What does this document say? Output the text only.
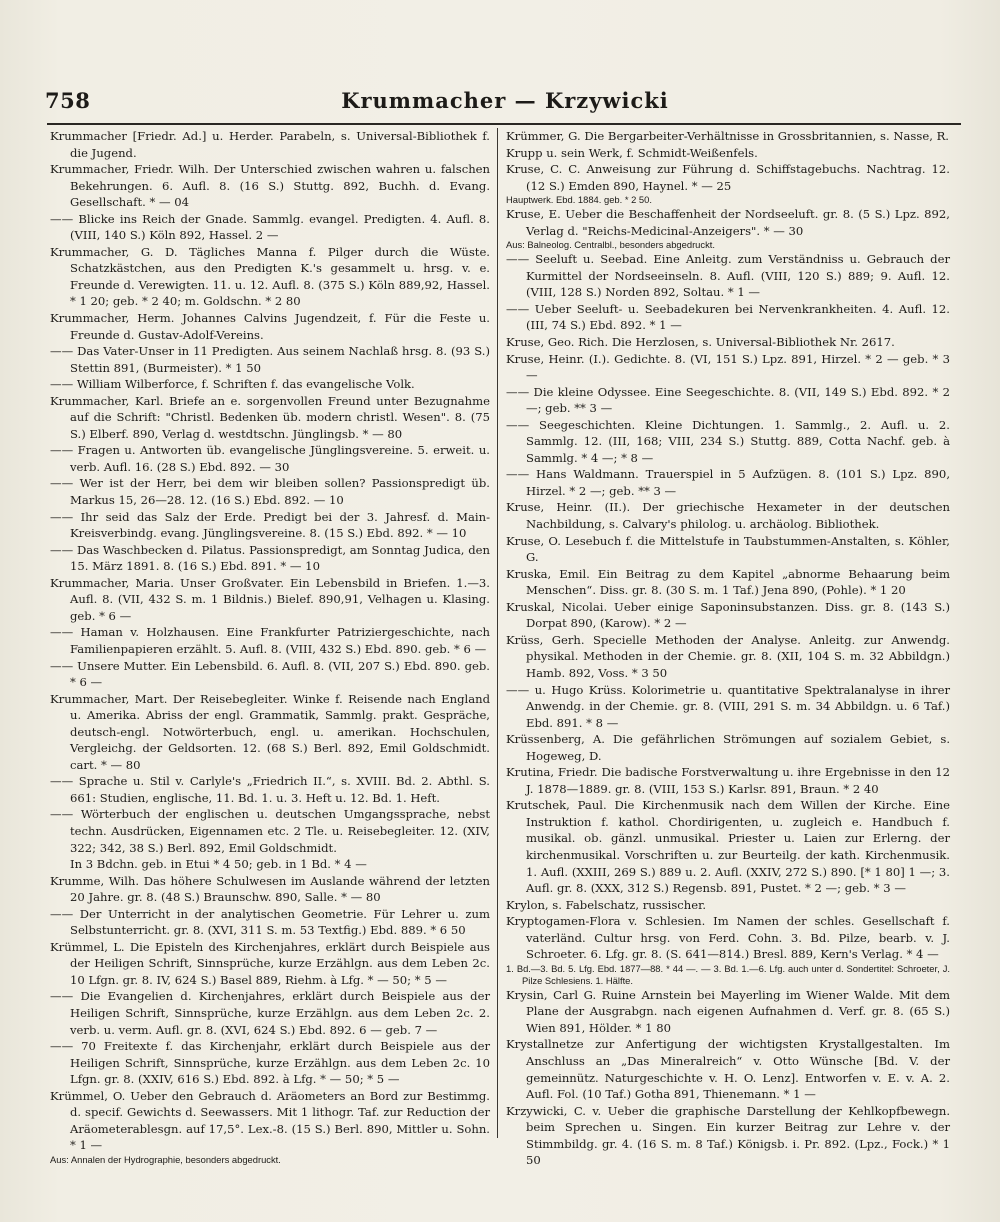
758	Krummacher — Krzywicki

Krummacher [Friedr. Ad.] u. Herder. Parabeln, s. Universal-Bibliothek f. die Jugend.

Krummacher, Friedr. Wilh. Der Unterschied zwischen wahren u. falschen Bekehrungen. 6. Aufl. 8. (16 S.) Stuttg. 892, Buchh. d. Evang. Gesellschaft. * — 04

—— Blicke ins Reich der Gnade. Sammlg. evangel. Predigten. 4. Aufl. 8. (VIII, 140 S.) Köln 892, Hassel. 2 —

Krummacher, G. D. Tägliches Manna f. Pilger durch die Wüste. Schatzkästchen, aus den Predigten K.'s gesammelt u. hrsg. v. e. Freunde d. Verewigten. 11. u. 12. Aufl. 8. (375 S.) Köln 889,92, Hassel. * 1 20; geb. * 2 40; m. Goldschn. * 2 80

Krummacher, Herm. Johannes Calvins Jugendzeit, f. Für die Feste u. Freunde d. Gustav-Adolf-Vereins.

—— Das Vater-Unser in 11 Predigten. Aus seinem Nachlaß hrsg. 8. (93 S.) Stettin 891, (Burmeister). * 1 50

—— William Wilberforce, f. Schriften f. das evangelische Volk.

Krummacher, Karl. Briefe an e. sorgenvollen Freund unter Bezugnahme auf die Schrift: "Christl. Bedenken üb. modern christl. Wesen". 8. (75 S.) Elberf. 890, Verlag d. westdtschn. Jünglingsb. * — 80

—— Fragen u. Antworten üb. evangelische Jünglingsvereine. 5. erweit. u. verb. Aufl. 16. (28 S.) Ebd. 892. — 30

—— Wer ist der Herr, bei dem wir bleiben sollen? Passionspredigt üb. Markus 15, 26—28. 12. (16 S.) Ebd. 892. — 10

—— Ihr seid das Salz der Erde. Predigt bei der 3. Jahresf. d. Main-Kreisverbindg. evang. Jünglingsvereine. 8. (15 S.) Ebd. 892. * — 10

—— Das Waschbecken d. Pilatus. Passionspredigt, am Sonntag Judica, den 15. März 1891. 8. (16 S.) Ebd. 891. * — 10

Krummacher, Maria. Unser Großvater. Ein Lebensbild in Briefen. 1.—3. Aufl. 8. (VII, 432 S. m. 1 Bildnis.) Bielef. 890,91, Velhagen u. Klasing. geb. * 6 —

—— Haman v. Holzhausen. Eine Frankfurter Patriziergeschichte, nach Familienpapieren erzählt. 5. Aufl. 8. (VIII, 432 S.) Ebd. 890. geb. * 6 —

—— Unsere Mutter. Ein Lebensbild. 6. Aufl. 8. (VII, 207 S.) Ebd. 890. geb. * 6 —

Krummacher, Mart. Der Reisebegleiter. Winke f. Reisende nach England u. Amerika. Abriss der engl. Grammatik, Sammlg. prakt. Gespräche, deutsch-engl. Notwörterbuch, engl. u. amerikan. Hochschulen, Vergleichg. der Geldsorten. 12. (68 S.) Berl. 892, Emil Goldschmidt. cart. * — 80

—— Sprache u. Stil v. Carlyle's „Friedrich II.“, s. XVIII. Bd. 2. Abthl. S. 661: Studien, englische, 11. Bd. 1. u. 3. Heft u. 12. Bd. 1. Heft.

—— Wörterbuch der englischen u. deutschen Umgangssprache, nebst techn. Ausdrücken, Eigennamen etc. 2 Tle. u. Reisebegleiter. 12. (XIV, 322; 342, 38 S.) Berl. 892, Emil Goldschmidt.

In 3 Bdchn. geb. in Etui * 4 50; geb. in 1 Bd. * 4 —

Krumme, Wilh. Das höhere Schulwesen im Auslande während der letzten 20 Jahre. gr. 8. (48 S.) Braunschw. 890, Salle. * — 80

—— Der Unterricht in der analytischen Geometrie. Für Lehrer u. zum Selbstunterricht. gr. 8. (XVI, 311 S. m. 53 Textfig.) Ebd. 889. * 6 50

Krümmel, L. Die Episteln des Kirchenjahres, erklärt durch Beispiele aus der Heiligen Schrift, Sinnsprüche, kurze Erzählgn. aus dem Leben 2c. 10 Lfgn. gr. 8. IV, 624 S.) Basel 889, Riehm. à Lfg. * — 50; * 5 —

—— Die Evangelien d. Kirchenjahres, erklärt durch Beispiele aus der Heiligen Schrift, Sinnsprüche, kurze Erzählgn. aus dem Leben 2c. 2. verb. u. verm. Aufl. gr. 8. (XVI, 624 S.) Ebd. 892. 6 — geb. 7 —

—— 70 Freitexte f. das Kirchenjahr, erklärt durch Beispiele aus der Heiligen Schrift, Sinnsprüche, kurze Erzählgn. aus dem Leben 2c. 10 Lfgn. gr. 8. (XXIV, 616 S.) Ebd. 892. à Lfg. * — 50; * 5 —

Krümmel, O. Ueber den Gebrauch d. Aräometers an Bord zur Bestimmg. d. specif. Gewichts d. Seewassers. Mit 1 lithogr. Taf. zur Reduction der Aräometerablesgn. auf 17,5°. Lex.-8. (15 S.) Berl. 890, Mittler u. Sohn. * 1 —

Aus: Annalen der Hydrographie, besonders abgedruckt.

Krümmer, G. Die Bergarbeiter-Verhältnisse in Grossbritannien, s. Nasse, R.

Krupp u. sein Werk, f. Schmidt-Weißenfels.

Kruse, C. C. Anweisung zur Führung d. Schiffstagebuchs. Nachtrag. 12. (12 S.) Emden 890, Haynel. * — 25

Hauptwerk. Ebd. 1884. geb. * 2 50.

Kruse, E. Ueber die Beschaffenheit der Nordseeluft. gr. 8. (5 S.) Lpz. 892, Verlag d. "Reichs-Medicinal-Anzeigers". * — 30

Aus: Balneolog. Centralbl., besonders abgedruckt.

—— Seeluft u. Seebad. Eine Anleitg. zum Verständniss u. Gebrauch der Kurmittel der Nordseeinseln. 8. Aufl. (VIII, 120 S.) 889; 9. Aufl. 12. (VIII, 128 S.) Norden 892, Soltau. * 1 —

—— Ueber Seeluft- u. Seebadekuren bei Nervenkrankheiten. 4. Aufl. 12. (III, 74 S.) Ebd. 892. * 1 —

Kruse, Geo. Rich. Die Herzlosen, s. Universal-Bibliothek Nr. 2617.

Kruse, Heinr. (I.). Gedichte. 8. (VI, 151 S.) Lpz. 891, Hirzel. * 2 — geb. * 3 —

—— Die kleine Odyssee. Eine Seegeschichte. 8. (VII, 149 S.) Ebd. 892. * 2 —; geb. ** 3 —

—— Seegeschichten. Kleine Dichtungen. 1. Sammlg., 2. Aufl. u. 2. Sammlg. 12. (III, 168; VIII, 234 S.) Stuttg. 889, Cotta Nachf. geb. à Sammlg. * 4 —; * 8 —

—— Hans Waldmann. Trauerspiel in 5 Aufzügen. 8. (101 S.) Lpz. 890, Hirzel. * 2 —; geb. ** 3 —

Kruse, Heinr. (II.). Der griechische Hexameter in der deutschen Nachbildung, s. Calvary's philolog. u. archäolog. Bibliothek.

Kruse, O. Lesebuch f. die Mittelstufe in Taubstummen-Anstalten, s. Köhler, G.

Kruska, Emil. Ein Beitrag zu dem Kapitel „abnorme Behaarung beim Menschen“. Diss. gr. 8. (30 S. m. 1 Taf.) Jena 890, (Pohle). * 1 20

Kruskal, Nicolai. Ueber einige Saponinsubstanzen. Diss. gr. 8. (143 S.) Dorpat 890, (Karow). * 2 —

Krüss, Gerh. Specielle Methoden der Analyse. Anleitg. zur Anwendg. physikal. Methoden in der Chemie. gr. 8. (XII, 104 S. m. 32 Abbildgn.) Hamb. 892, Voss. * 3 50

—— u. Hugo Krüss. Kolorimetrie u. quantitative Spektralanalyse in ihrer Anwendg. in der Chemie. gr. 8. (VIII, 291 S. m. 34 Abbildgn. u. 6 Taf.) Ebd. 891. * 8 —

Krüssenberg, A. Die gefährlichen Strömungen auf sozialem Gebiet, s. Hogeweg, D.

Krutina, Friedr. Die badische Forstverwaltung u. ihre Ergebnisse in den 12 J. 1878—1889. gr. 8. (VIII, 153 S.) Karlsr. 891, Braun. * 2 40

Krutschek, Paul. Die Kirchenmusik nach dem Willen der Kirche. Eine Instruktion f. kathol. Chordirigenten, u. zugleich e. Handbuch f. musikal. ob. gänzl. unmusikal. Priester u. Laien zur Erlerng. der kirchenmusikal. Vorschriften u. zur Beurteilg. der kath. Kirchenmusik. 1. Aufl. (XXIII, 269 S.) 889 u. 2. Aufl. (XXIV, 272 S.) 890. [* 1 80] 1 —; 3. Aufl. gr. 8. (XXX, 312 S.) Regensb. 891, Pustet. * 2 —; geb. * 3 —

Krylon, s. Fabelschatz, russischer.

Kryptogamen-Flora v. Schlesien. Im Namen der schles. Gesellschaft f. vaterländ. Cultur hrsg. von Ferd. Cohn. 3. Bd. Pilze, bearb. v. J. Schroeter. 6. Lfg. gr. 8. (S. 641—814.) Bresl. 889, Kern's Verlag. * 4 —

1. Bd.—3. Bd. 5. Lfg. Ebd. 1877—88. * 44 —. — 3. Bd. 1.—6. Lfg. auch unter d. Sondertitel: Schroeter, J. Pilze Schlesiens. 1. Hälfte.

Krysin, Carl G. Ruine Arnstein bei Mayerling im Wiener Walde. Mit dem Plane der Ausgrabgn. nach eigenen Aufnahmen d. Verf. gr. 8. (65 S.) Wien 891, Hölder. * 1 80

Krystallnetze zur Anfertigung der wichtigsten Krystallgestalten. Im Anschluss an „Das Mineralreich“ v. Otto Wünsche [Bd. V. der gemeinnütz. Naturgeschichte v. H. O. Lenz]. Entworfen v. E. v. A. 2. Aufl. Fol. (10 Taf.) Gotha 891, Thienemann. * 1 —

Krzywicki, C. v. Ueber die graphische Darstellung der Kehlkopfbewegn. beim Sprechen u. Singen. Ein kurzer Beitrag zur Lehre v. der Stimmbildg. gr. 4. (16 S. m. 8 Taf.) Königsb. i. Pr. 892. (Lpz., Fock.) * 1 50
